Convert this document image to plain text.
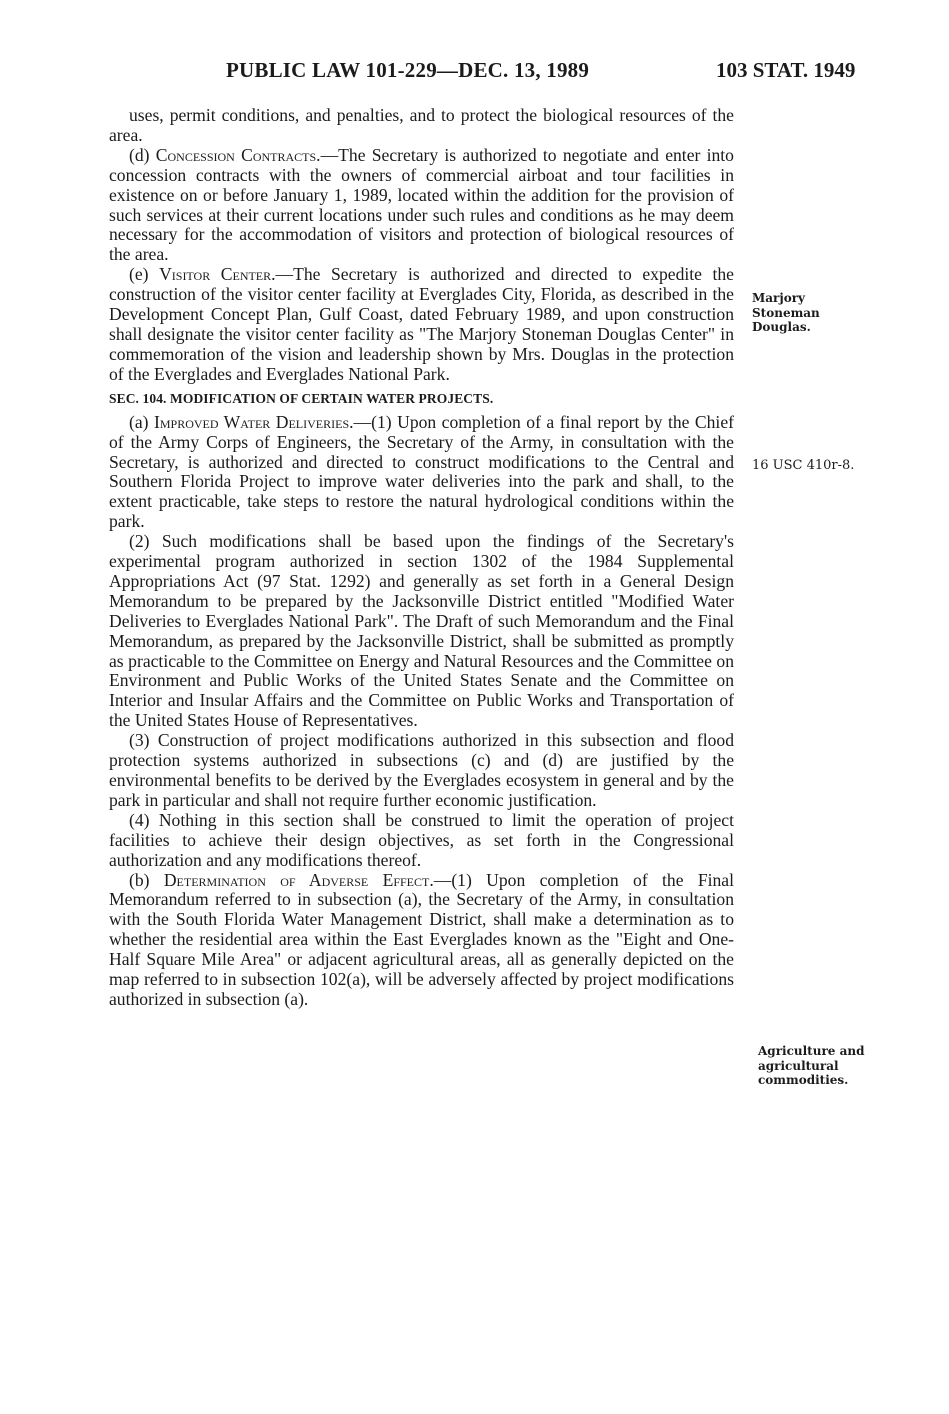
PUBLIC LAW 101-229—DEC. 13, 1989	103 STAT. 1949

uses, permit conditions, and penalties, and to protect the biological resources of the area.

(d) Concession Contracts.—The Secretary is authorized to negotiate and enter into concession contracts with the owners of commercial airboat and tour facilities in existence on or before January 1, 1989, located within the addition for the provision of such services at their current locations under such rules and conditions as he may deem necessary for the accommodation of visitors and protection of biological resources of the area.

(e) Visitor Center.—The Secretary is authorized and directed to expedite the construction of the visitor center facility at Everglades City, Florida, as described in the Development Concept Plan, Gulf Coast, dated February 1989, and upon construction shall designate the visitor center facility as "The Marjory Stoneman Douglas Center" in commemoration of the vision and leadership shown by Mrs. Douglas in the protection of the Everglades and Everglades National Park.

SEC. 104. MODIFICATION OF CERTAIN WATER PROJECTS.

(a) Improved Water Deliveries.—(1) Upon completion of a final report by the Chief of the Army Corps of Engineers, the Secretary of the Army, in consultation with the Secretary, is authorized and directed to construct modifications to the Central and Southern Florida Project to improve water deliveries into the park and shall, to the extent practicable, take steps to restore the natural hydrological conditions within the park.

(2) Such modifications shall be based upon the findings of the Secretary's experimental program authorized in section 1302 of the 1984 Supplemental Appropriations Act (97 Stat. 1292) and generally as set forth in a General Design Memorandum to be prepared by the Jacksonville District entitled "Modified Water Deliveries to Everglades National Park". The Draft of such Memorandum and the Final Memorandum, as prepared by the Jacksonville District, shall be submitted as promptly as practicable to the Committee on Energy and Natural Resources and the Committee on Environment and Public Works of the United States Senate and the Committee on Interior and Insular Affairs and the Committee on Public Works and Transportation of the United States House of Representatives.

(3) Construction of project modifications authorized in this subsection and flood protection systems authorized in subsections (c) and (d) are justified by the environmental benefits to be derived by the Everglades ecosystem in general and by the park in particular and shall not require further economic justification.

(4) Nothing in this section shall be construed to limit the operation of project facilities to achieve their design objectives, as set forth in the Congressional authorization and any modifications thereof.

(b) Determination of Adverse Effect.—(1) Upon completion of the Final Memorandum referred to in subsection (a), the Secretary of the Army, in consultation with the South Florida Water Management District, shall make a determination as to whether the residential area within the East Everglades known as the "Eight and One-Half Square Mile Area" or adjacent agricultural areas, all as generally depicted on the map referred to in subsection 102(a), will be adversely affected by project modifications authorized in subsection (a).

Marjory Stoneman Douglas.
16 USC 410r-8.
Agriculture and agricultural commodities.
